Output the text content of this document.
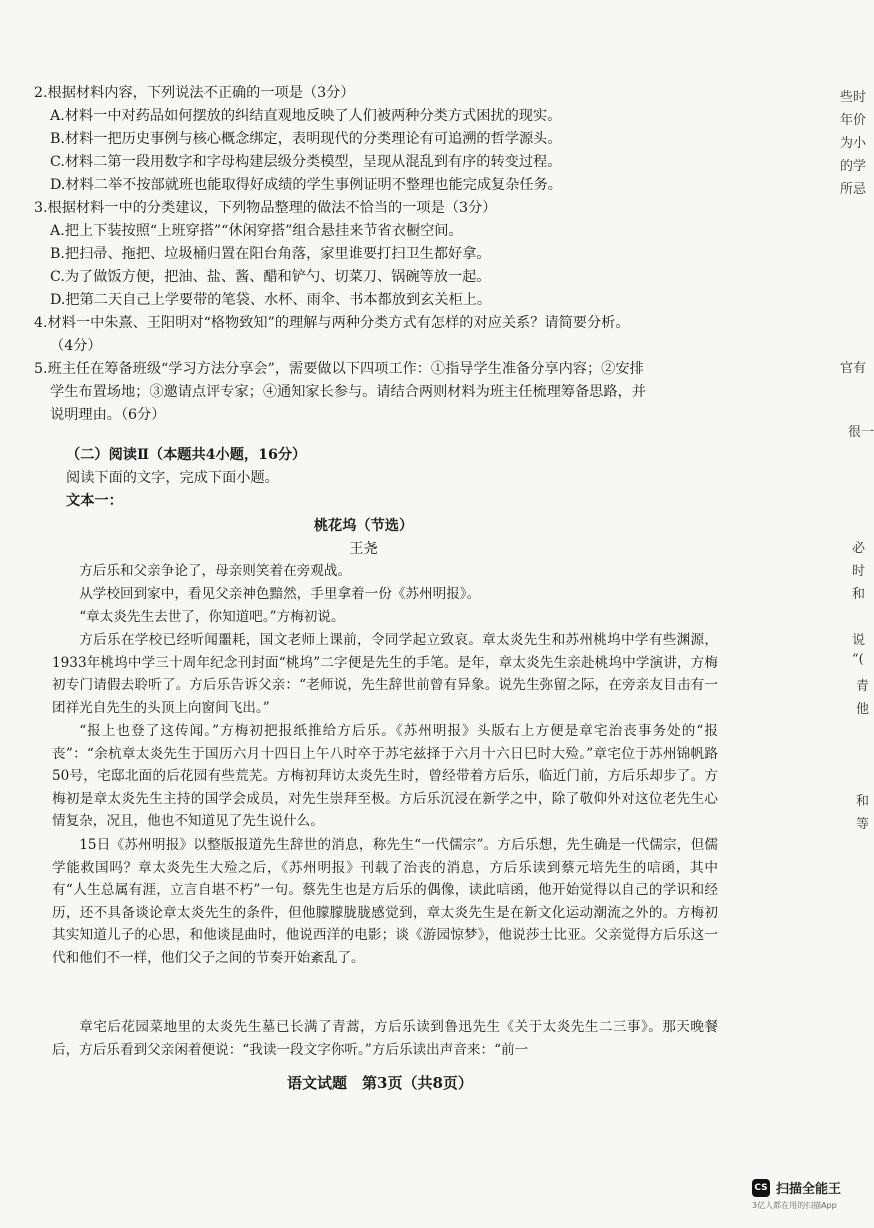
2.根据材料内容，下列说法不正确的一项是（3分）

A.材料一中对药品如何摆放的纠结直观地反映了人们被两种分类方式困扰的现实。

B.材料一把历史事例与核心概念绑定，表明现代的分类理论有可追溯的哲学源头。

C.材料二第一段用数字和字母构建层级分类模型，呈现从混乱到有序的转变过程。

D.材料二举不按部就班也能取得好成绩的学生事例证明不整理也能完成复杂任务。

3.根据材料一中的分类建议，下列物品整理的做法不恰当的一项是（3分）

A.把上下装按照“上班穿搭”“休闲穿搭”组合悬挂来节省衣橱空间。

B.把扫帚、拖把、垃圾桶归置在阳台角落，家里谁要打扫卫生都好拿。

C.为了做饭方便，把油、盐、酱、醋和铲勺、切菜刀、锅碗等放一起。

D.把第二天自己上学要带的笔袋、水杯、雨伞、书本都放到玄关柜上。

4.材料一中朱熹、王阳明对“格物致知”的理解与两种分类方式有怎样的对应关系？请简要分析。

（4分）

5.班主任在筹备班级“学习方法分享会”，需要做以下四项工作：①指导学生准备分享内容；②安排

学生布置场地；③邀请点评专家；④通知家长参与。请结合两则材料为班主任梳理筹备思路，并

说明理由。（6分）

（二）阅读Ⅱ（本题共4小题，16分）
阅读下面的文字，完成下面小题。
文本一：
桃花坞（节选）
王尧

方后乐和父亲争论了，母亲则笑着在旁观战。

从学校回到家中，看见父亲神色黯然，手里拿着一份《苏州明报》。

“章太炎先生去世了，你知道吧。”方梅初说。

方后乐在学校已经听闻噩耗，国文老师上课前，令同学起立致哀。章太炎先生和苏州桃坞中学有些渊源，1933年桃坞中学三十周年纪念刊封面“桃坞”二字便是先生的手笔。是年，章太炎先生亲赴桃坞中学演讲，方梅初专门请假去聆听了。方后乐告诉父亲：“老师说，先生辞世前曾有异象。说先生弥留之际，在旁亲友目击有一团祥光自先生的头顶上向窗间飞出。”

“报上也登了这传闻。”方梅初把报纸推给方后乐。《苏州明报》头版右上方便是章宅治丧事务处的“报丧”：“余杭章太炎先生于国历六月十四日上午八时卒于苏宅兹择于六月十六日巳时大殓。”章宅位于苏州锦帆路50号，宅邸北面的后花园有些荒芜。方梅初拜访太炎先生时，曾经带着方后乐，临近门前，方后乐却步了。方梅初是章太炎先生主持的国学会成员，对先生崇拜至极。方后乐沉浸在新学之中，除了敬仰外对这位老先生心情复杂，况且，他也不知道见了先生说什么。

15日《苏州明报》以整版报道先生辞世的消息，称先生“一代儒宗”。方后乐想，先生确是一代儒宗，但儒学能救国吗？章太炎先生大殓之后，《苏州明报》刊载了治丧的消息，方后乐读到蔡元培先生的唁函，其中有“人生总属有涯，立言自堪不朽”一句。蔡先生也是方后乐的偶像，读此唁函，他开始觉得以自己的学识和经历，还不具备谈论章太炎先生的条件，但他朦朦胧胧感觉到，章太炎先生是在新文化运动潮流之外的。方梅初其实知道儿子的心思，和他谈昆曲时，他说西洋的电影；谈《游园惊梦》，他说莎士比亚。父亲觉得方后乐这一代和他们不一样，他们父子之间的节奏开始紊乱了。

章宅后花园菜地里的太炎先生墓已长满了青蒿，方后乐读到鲁迅先生《关于太炎先生二三事》。那天晚餐后，方后乐看到父亲闲着便说：“我读一段文字你听。”方后乐读出声音来：“前一

语文试题　第3页（共8页）
些时
年价
为小
的学
所忌
官有
很一
必
时
和
说
“(
青
他
和
等
CS 扫描全能王
3亿人都在用的扫描App
